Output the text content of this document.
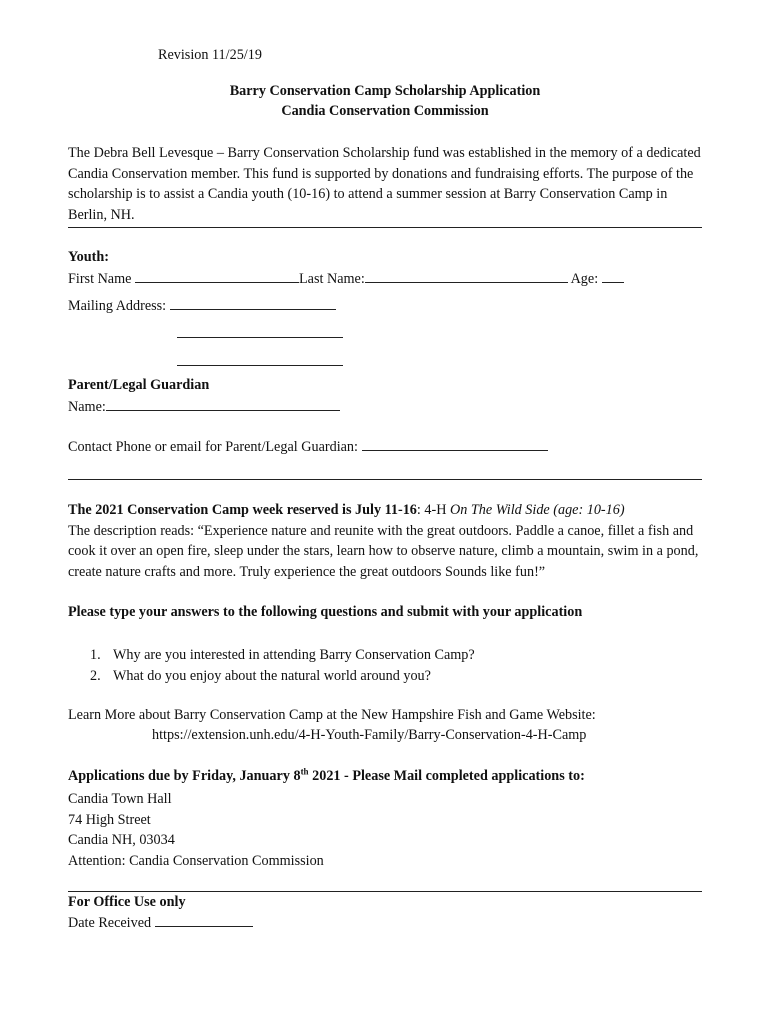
Revision 11/25/19
Barry Conservation Camp Scholarship Application
Candia Conservation Commission
The Debra Bell Levesque – Barry Conservation Scholarship fund was established in the memory of a dedicated Candia Conservation member. This fund is supported by donations and fundraising efforts. The purpose of the scholarship is to assist a Candia youth (10-16) to attend a summer session at Barry Conservation Camp in Berlin, NH.
Youth:
First Name	Last Name:	Age:
Mailing Address:
Parent/Legal Guardian
Name:
Contact Phone or email for Parent/Legal Guardian:
The 2021 Conservation Camp week reserved is July 11-16: 4-H On The Wild Side (age: 10-16)
The description reads: “Experience nature and reunite with the great outdoors. Paddle a canoe, fillet a fish and cook it over an open fire, sleep under the stars, learn how to observe nature, climb a mountain, swim in a pond, create nature crafts and more. Truly experience the great outdoors Sounds like fun!”
Please type your answers to the following questions and submit with your application
1. Why are you interested in attending Barry Conservation Camp?
2. What do you enjoy about the natural world around you?
Learn More about Barry Conservation Camp at the New Hampshire Fish and Game Website:
https://extension.unh.edu/4-H-Youth-Family/Barry-Conservation-4-H-Camp
Applications due by Friday, January 8th 2021 - Please Mail completed applications to:
Candia Town Hall
74 High Street
Candia NH, 03034
Attention: Candia Conservation Commission
For Office Use only
Date Received
